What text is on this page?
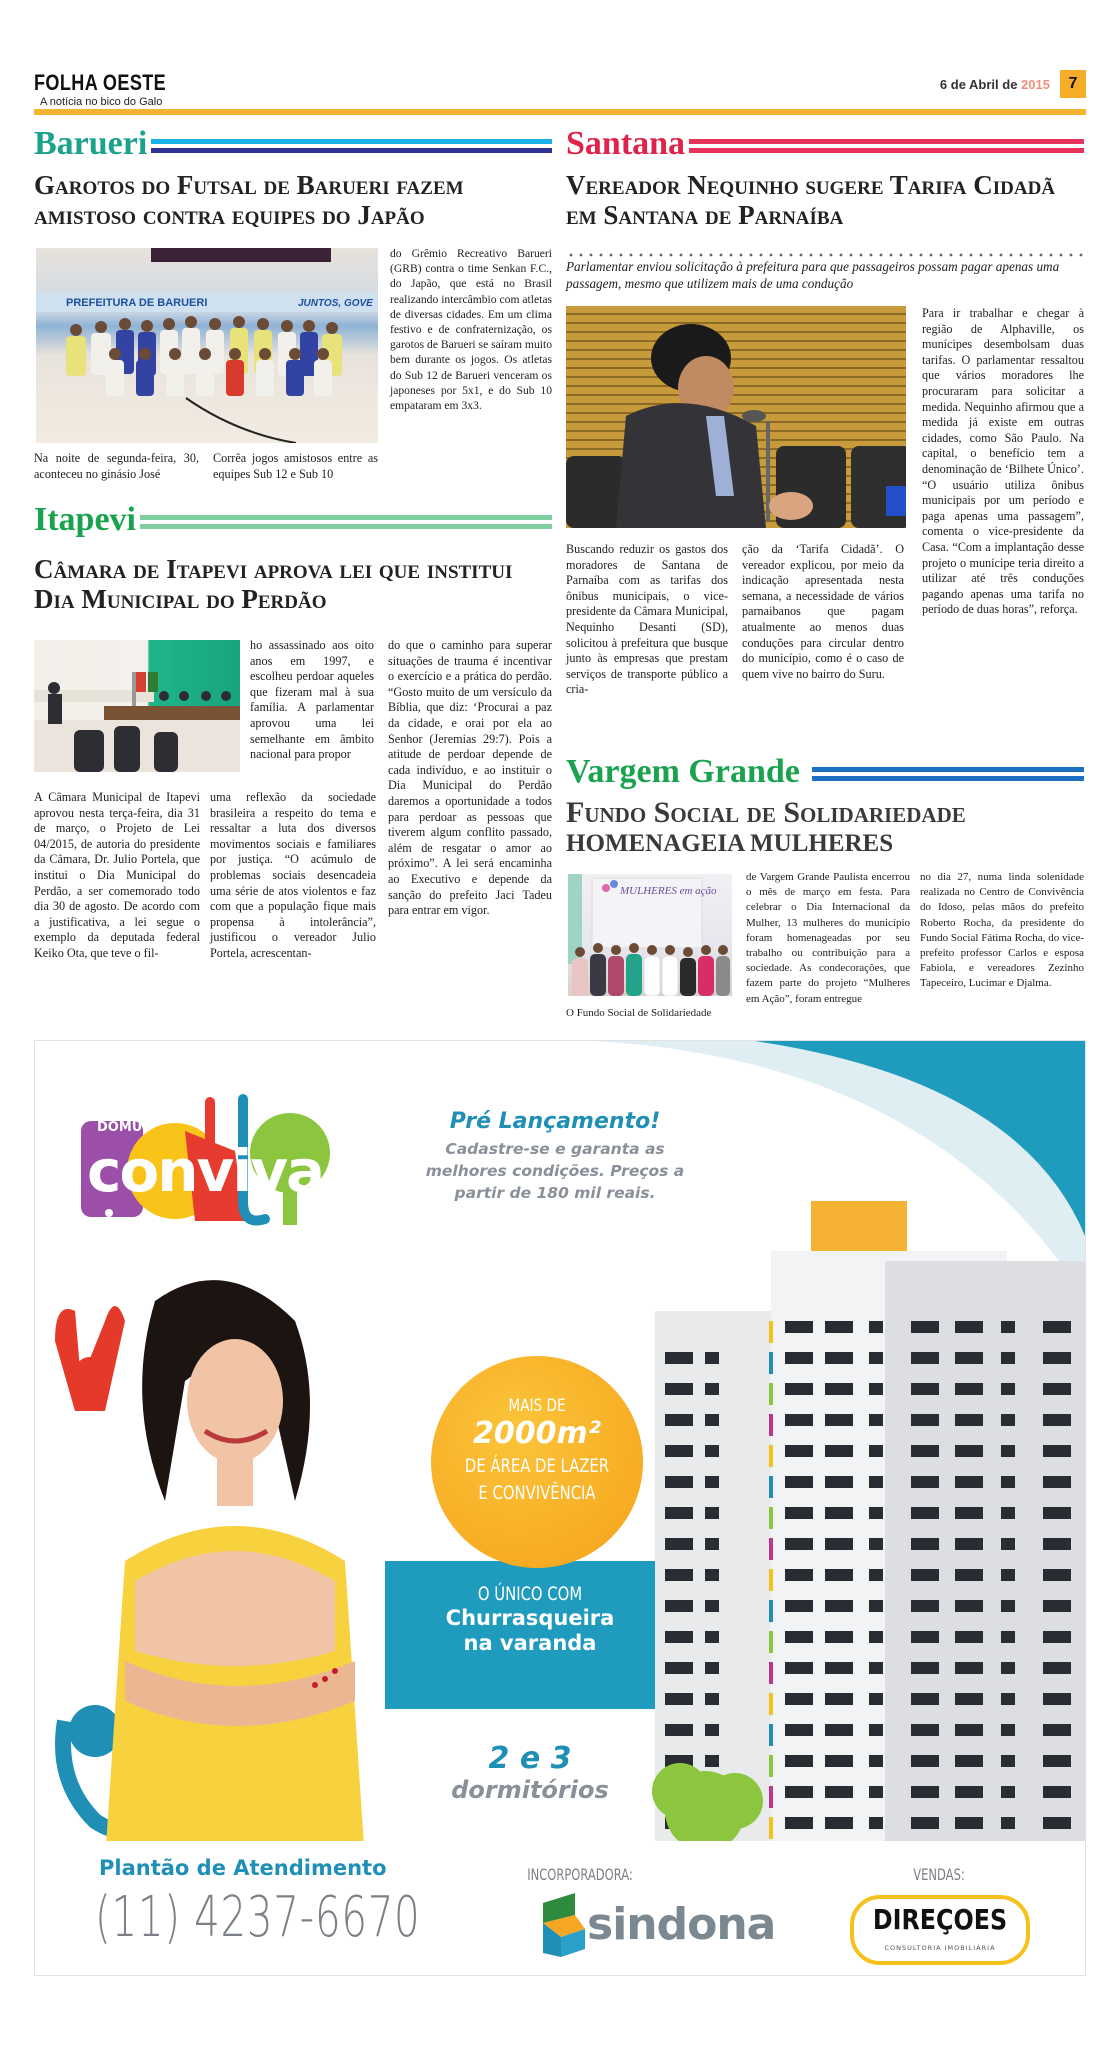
FOLHA OESTE
A notícia no bico do Galo
6 de Abril de 2015	7
Barueri
Garotos do Futsal de Barueri fazem amistoso contra equipes do Japão
PREFEITURA DE BARUERI	JUNTOS, GOVE
Na noite de segunda-feira, 30, aconteceu no ginásio José
Corrêa jogos amistosos entre as equipes Sub 12 e Sub 10
do Grêmio Recreativo Barueri (GRB) contra o time Senkan F.C., do Japão, que está no Brasil realizando intercâmbio com atletas de diversas cidades. Em um clima festivo e de confraternização, os garotos de Barueri se saíram muito bem durante os jogos. Os atletas do Sub 12 de Barueri venceram os japoneses por 5x1, e do Sub 10 empataram em 3x3.
Itapevi
Câmara de Itapevi aprova lei que institui Dia Municipal do Perdão
ho assassinado aos oito anos em 1997, e escolheu perdoar aqueles que fizeram mal à sua família. A parlamentar aprovou uma lei semelhante em âmbito nacional para propor
A Câmara Municipal de Itapevi aprovou nesta terça-feira, dia 31 de março, o Projeto de Lei 04/2015, de autoria do presidente da Câmara, Dr. Julio Portela, que institui o Dia Municipal do Perdão, a ser comemorado todo dia 30 de agosto. De acordo com a justificativa, a lei segue o exemplo da deputada federal Keiko Ota, que teve o fil-
uma reflexão da sociedade brasileira a respeito do tema e ressaltar a luta dos diversos movimentos sociais e familiares por justiça. “O acúmulo de problemas sociais desencadeia uma série de atos violentos e faz com que a população fique mais propensa à intolerância”, justificou o vereador Julio Portela, acrescentan-
do que o caminho para superar situações de trauma é incentivar o exercício e a prática do perdão. “Gosto muito de um versículo da Bíblia, que diz: ‘Procurai a paz da cidade, e orai por ela ao Senhor (Jeremias 29:7). Pois a atitude de perdoar depende de cada indivíduo, e ao instituir o Dia Municipal do Perdão daremos a oportunidade a todos para perdoar as pessoas que tiverem algum conflito passado, além de resgatar o amor ao próximo”. A lei será encaminha ao Executivo e depende da sanção do prefeito Jaci Tadeu para entrar em vigor.
Santana
Vereador Nequinho sugere Tarifa Cidadã em Santana de Parnaíba
Parlamentar enviou solicitação à prefeitura para que passageiros possam pagar apenas uma passagem, mesmo que utilizem mais de uma condução
Buscando reduzir os gastos dos moradores de Santana de Parnaíba com as tarifas dos ônibus municipais, o vice-presidente da Câmara Municipal, Nequinho Desanti (SD), solicitou à prefeitura que busque junto às empresas que prestam serviços de transporte público a cria-
ção da ‘Tarifa Cidadã’. O vereador explicou, por meio da indicação apresentada nesta semana, a necessidade de vários parnaibanos que pagam atualmente ao menos duas conduções para circular dentro do município, como é o caso de quem vive no bairro do Suru.
Para ir trabalhar e chegar à região de Alphaville, os munícipes desembolsam duas tarifas. O parlamentar ressaltou que vários moradores lhe procuraram para solicitar a medida. Nequinho afirmou que a medida já existe em outras cidades, como São Paulo. Na capital, o benefício tem a denominação de ‘Bilhete Único’. “O usuário utiliza ônibus municipais por um período e paga apenas uma passagem”, comenta o vice-presidente da Casa. “Com a implantação desse projeto o munícipe teria direito a utilizar até três conduções pagando apenas uma tarifa no período de duas horas”, reforça.
Vargem Grande
Fundo Social de Solidariedade
HOMENAGEIA MULHERES
MULHERES em ação
O Fundo Social de Solidariedade
de Vargem Grande Paulista encerrou o mês de março em festa. Para celebrar o Dia Internacional da Mulher, 13 mulheres do município foram homenageadas por seu trabalho ou contribuição para a sociedade. As condecorações, que fazem parte do projeto “Mulheres em Ação”, foram entregue
no dia 27, numa linda solenidade realizada no Centro de Convivência do Idoso, pelas mãos do prefeito Roberto Rocha, da presidente do Fundo Social Fátima Rocha, do vice-prefeito professor Carlos e esposa Fabiola, e vereadores Zezinho Tapeceiro, Lucimar e Djalma.
DOMUS
conviva
Pré Lançamento!
Cadastre-se e garanta as
melhores condições. Preços a
partir de 180 mil reais.
MAIS DE
2000m²
DE ÁREA DE LAZER
E CONVIVÊNCIA
O ÚNICO COM
Churrasqueira
na varanda
2 e 3
dormitórios
Plantão de Atendimento
(11) 4237-6670
INCORPORADORA:
sindona
VENDAS:
DIREÇOES
CONSULTORIA IMOBILIÁRIA
